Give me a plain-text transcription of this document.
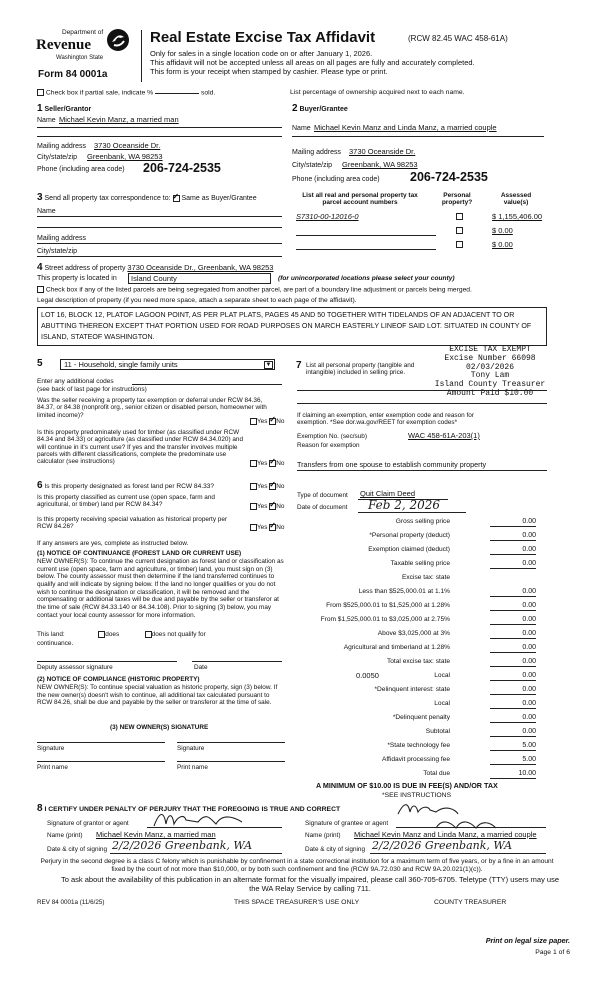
Department of
Revenue
Washington State
Form 84 0001a
Real Estate Excise Tax Affidavit	(RCW 82.45 WAC 458-61A)
Only for sales in a single location code on or after January 1, 2026.
This affidavit will not be accepted unless all areas on all pages are fully and accurately completed.
This form is your receipt when stamped by cashier. Please type or print.
Check box if partial sale, indicate %	sold.	List percentage of ownership acquired next to each name.
1 Seller/Grantor
Name Michael Kevin Manz, a married man
Mailing address 3730 Oceanside Dr.
City/state/zip Greenbank, WA 98253
Phone (including area code) 206-724-2535
2 Buyer/Grantee
Name Michael Kevin Manz and Linda Manz, a married couple
Mailing address 3730 Oceanside Dr.
City/state/zip Greenbank, WA 98253
Phone (including area code) 206-724-2535
3 Send all property tax correspondence to: ✓ Same as Buyer/Grantee
Name
Mailing address
City/state/zip
List all real and personal property tax parcel account numbers
Personal property?
Assessed value(s)
S7310-00-12016-0	$ 1,155,406.00
$ 0.00
$ 0.00
4 Street address of property 3730 Oceanside Dr., Greenbank, WA 98253
This property is located in	Island County	(for unincorporated locations please select your county)
Check box if any of the listed parcels are being segregated from another parcel, are part of a boundary line adjustment or parcels being merged.
Legal description of property (if you need more space, attach a separate sheet to each page of the affidavit).
LOT 16, BLOCK 12, PLATOF LAGOON POINT, AS PER PLAT PLATS, PAGES 45 AND 50 TOGETHER WITH TIDELANDS OF AN ADJACENT TO OR ABUTTING THEREON EXCEPT THAT PORTION USED FOR ROAD PURPOSES ON MARCH EASTERLY LINEOF SAID LOT. SITUATED IN COUNTY OF ISLAND, STATEOF WASHINGTON.
EXCISE TAX EXEMPT
Excise Number 66098
02/03/2026
Tony Lam
Island County Treasurer
Amount Paid $10.00
5	11 - Household, single family units	▼
Enter any additional codes
(see back of last page for instructions)
Was the seller receiving a property tax exemption or deferral under RCW 84.36, 84.37, or 84.38 (nonprofit org., senior citizen or disabled person, homeowner with limited income)?
Yes ✓ No
Is this property predominately used for timber (as classified under RCW 84.34 and 84.33) or agriculture (as classified under RCW 84.34.020) and will continue in it's current use? If yes and the transfer involves multiple parcels with different classifications, complete the predominate use calculator (see instructions)	Yes ✓ No
6 Is this property designated as forest land per RCW 84.33?	Yes ✓ No
Is this property classified as current use (open space, farm and agricultural, or timber) land per RCW 84.34?	Yes ✓ No
Is this property receiving special valuation as historical property per RCW 84.26?	Yes ✓ No
If any answers are yes, complete as instructed below.
(1) NOTICE OF CONTINUANCE (FOREST LAND OR CURRENT USE)
NEW OWNER(S): To continue the current designation as forest land or classification as current use (open space, farm and agriculture, or timber) land, you must sign on (3) below. The county assessor must then determine if the land transferred continues to qualify and will indicate by signing below. If the land no longer qualifies or you do not wish to continue the designation or classification, it will be removed and the compensating or additional taxes will be due and payable by the seller or transferor at the time of sale (RCW 84.33.140 or 84.34.108). Prior to signing (3) below, you may contact your local county assessor for more information.
This land:	does	does not qualify for
continuance.
Deputy assessor signature	Date
(2) NOTICE OF COMPLIANCE (HISTORIC PROPERTY)
NEW OWNER(S): To continue special valuation as historic property, sign (3) below. If the new owner(s) doesn't wish to continue, all additional tax calculated pursuant to RCW 84.26, shall be due and payable by the seller or transferor at the time of sale.
(3) NEW OWNER(S) SIGNATURE
Signature	Signature
Print name	Print name
7 List all personal property (tangible and intangible) included in selling price.
If claiming an exemption, enter exemption code and reason for exemption. *See dor.wa.gov/REET for exemption codes*
Exemption No. (sec/sub)	WAC 458-61A-203(1)
Reason for exemption
Transfers from one spouse to establish community property
Type of document Quit Claim Deed
Date of document Feb 2, 2026
Gross selling price	0.00
*Personal property (deduct)	0.00
Exemption claimed (deduct)	0.00
Taxable selling price	0.00
Excise tax: state
Less than $525,000.01 at 1.1%	0.00
From $525,000.01 to $1,525,000 at 1.28%	0.00
From $1,525,000.01 to $3,025,000 at 2.75%	0.00
Above $3,025,000 at 3%	0.00
Agricultural and timberland at 1.28%	0.00
Total excise tax: state	0.00
0.0050	Local	0.00
*Delinquent interest: state	0.00
Local	0.00
*Delinquent penalty	0.00
Subtotal	0.00
*State technology fee	5.00
Affidavit processing fee	5.00
Total due	10.00
A MINIMUM OF $10.00 IS DUE IN FEE(S) AND/OR TAX
*SEE INSTRUCTIONS
8 I CERTIFY UNDER PENALTY OF PERJURY THAT THE FOREGOING IS TRUE AND CORRECT
Signature of grantor or agent	Signature of grantee or agent
Name (print) Michael Kevin Manz, a married man	Name (print) Michael Kevin Manz and Linda Manz, a married couple
Date & city of signing 2/2/2026 Greenbank, WA	Date & city of signing 2/2/2026 Greenbank, WA
Perjury in the second degree is a class C felony which is punishable by confinement in a state correctional institution for a maximum term of five years, or by a fine in an amount fixed by the court of not more than $10,000, or by both such confinement and fine (RCW 9A.72.030 and RCW 9A.20.021(1)(c)).
To ask about the availability of this publication in an alternate format for the visually impaired, please call 360-705-6705. Teletype (TTY) users may use the WA Relay Service by calling 711.
REV 84 0001a (11/6/25)	THIS SPACE TREASURER'S USE ONLY	COUNTY TREASURER
Print on legal size paper.
Page 1 of 6
